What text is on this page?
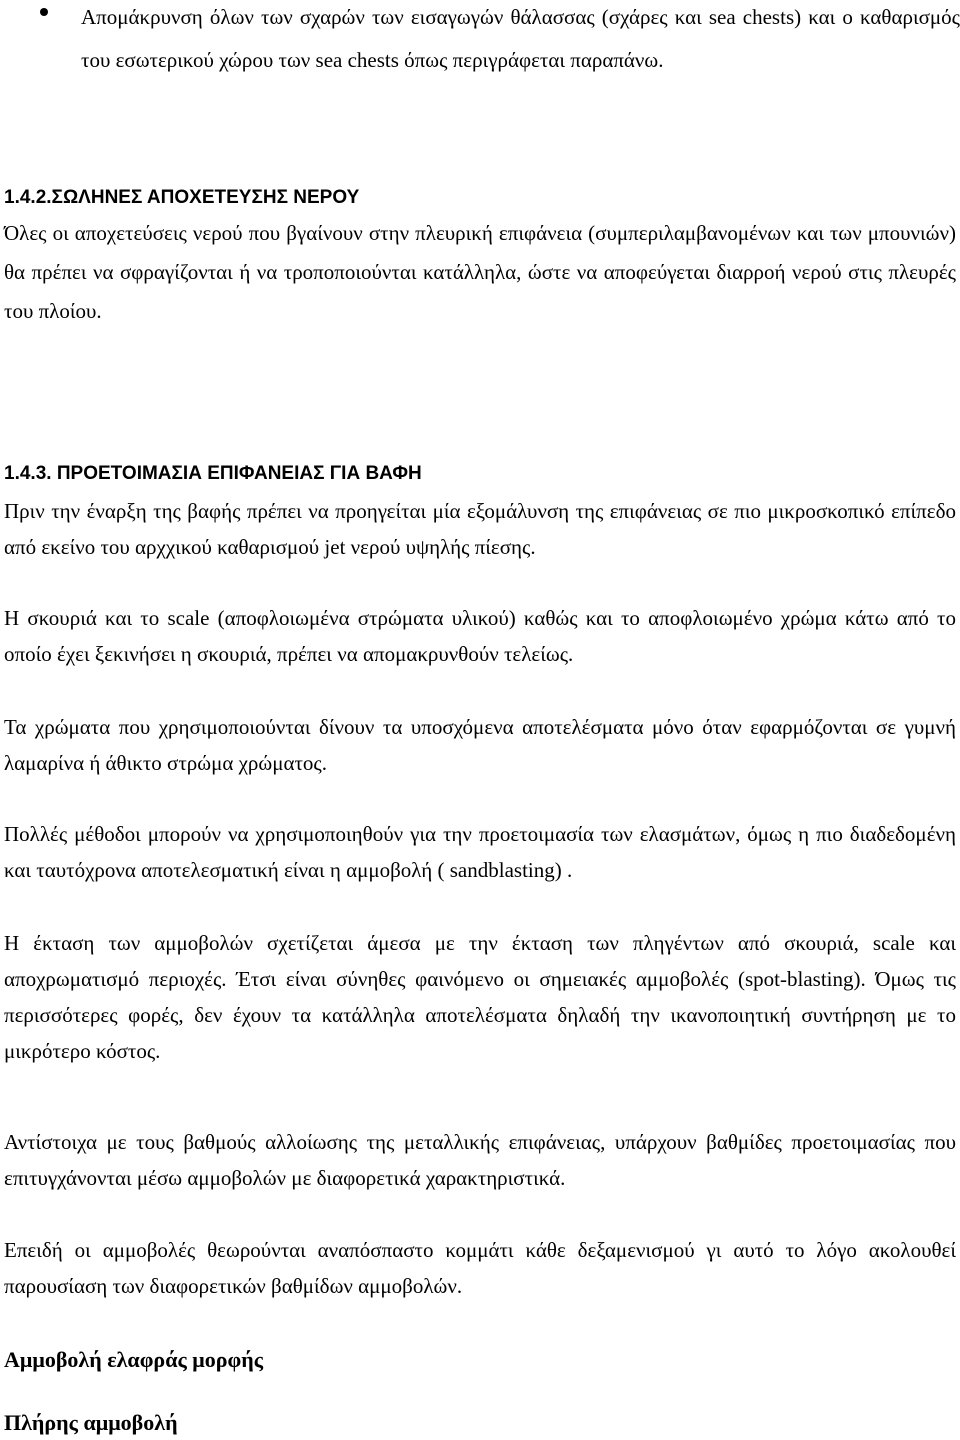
Απομάκρυνση όλων των σχαρών των εισαγωγών θάλασσας (σχάρες και sea chests) και ο καθαρισμός του εσωτερικού χώρου των sea chests όπως περιγράφεται παραπάνω.
1.4.2.ΣΩΛΗΝΕΣ ΑΠΟΧΕΤΕΥΣΗΣ ΝΕΡΟΥ
Όλες οι αποχετεύσεις νερού που βγαίνουν στην πλευρική επιφάνεια (συμπεριλαμβανομένων και των μπουνιών) θα πρέπει να σφραγίζονται ή να τροποποιούνται κατάλληλα, ώστε να αποφεύγεται διαρροή νερού στις πλευρές του πλοίου.
1.4.3. ΠΡΟΕΤΟΙΜΑΣΙΑ ΕΠΙΦΑΝΕΙΑΣ ΓΙΑ ΒΑΦΗ
Πριν την έναρξη της βαφής πρέπει να προηγείται μία εξομάλυνση της επιφάνειας σε πιο μικροσκοπικό επίπεδο από εκείνο του αρχχικού καθαρισμού jet νερού υψηλής πίεσης.
Η σκουριά και το scale (αποφλοιωμένα στρώματα υλικού) καθώς και το αποφλοιωμένο χρώμα κάτω από το οποίο έχει ξεκινήσει η σκουριά, πρέπει να απομακρυνθούν τελείως.
Τα χρώματα που χρησιμοποιούνται δίνουν τα υποσχόμενα αποτελέσματα μόνο όταν εφαρμόζονται σε γυμνή λαμαρίνα ή άθικτο στρώμα χρώματος.
Πολλές μέθοδοι μπορούν να χρησιμοποιηθούν για την προετοιμασία των ελασμάτων, όμως η πιο διαδεδομένη και ταυτόχρονα αποτελεσματική είναι η αμμοβολή ( sandblasting) .
Η έκταση των αμμοβολών σχετίζεται άμεσα με την έκταση των πληγέντων από σκουριά, scale και αποχρωματισμό περιοχές. Έτσι είναι σύνηθες φαινόμενο οι σημειακές αμμοβολές (spot-blasting). Όμως τις περισσότερες φορές, δεν έχουν τα κατάλληλα αποτελέσματα δηλαδή την ικανοποιητική συντήρηση με το μικρότερο κόστος.
Αντίστοιχα με τους βαθμούς αλλοίωσης της μεταλλικής επιφάνειας, υπάρχουν βαθμίδες προετοιμασίας που επιτυγχάνονται μέσω αμμοβολών με διαφορετικά χαρακτηριστικά.
Επειδή οι αμμοβολές θεωρούνται αναπόσπαστο κομμάτι κάθε δεξαμενισμού γι αυτό το λόγο ακολουθεί παρουσίαση των διαφορετικών βαθμίδων αμμοβολών.
Αμμοβολή ελαφράς μορφής
Πλήρης αμμοβολή
